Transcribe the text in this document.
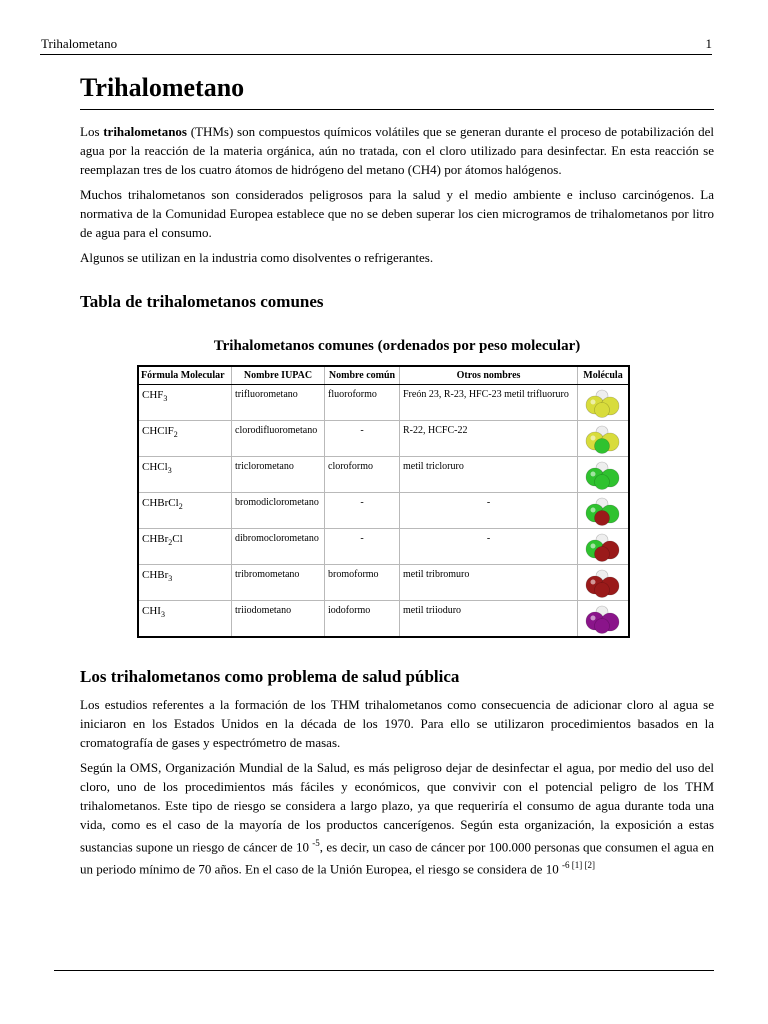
Trihalometano	1
Trihalometano

Los trihalometanos (THMs) son compuestos químicos volátiles que se generan durante el proceso de potabilización del agua por la reacción de la materia orgánica, aún no tratada, con el cloro utilizado para desinfectar. En esta reacción se reemplazan tres de los cuatro átomos de hidrógeno del metano (CH4) por átomos halógenos.

Muchos trihalometanos son considerados peligrosos para la salud y el medio ambiente e incluso carcinógenos. La normativa de la Comunidad Europea establece que no se deben superar los cien microgramos de trihalometanos por litro de agua para el consumo.

Algunos se utilizan en la industria como disolventes o refrigerantes.

Tabla de trihalometanos comunes
Trihalometanos comunes (ordenados por peso molecular)
Fórmula Molecular	Nombre IUPAC	Nombre común	Otros nombres	Molécula
$CHF_3$	trifluorometano	fluoroformo	Freón 23, R-23, HFC-23 metil trifluoruro	
CHClF$_2$	clorodifluorometano	-	R-22, HCFC-22	
CHCl$_3$	triclorometano	cloroformo	metil tricloruro	
CHBrCl$_2$	bromodiclorometano	-	-	
CHBr$_2$Cl	dibromoclorometano	-	-	
CHBr$_3$	tribromometano	bromoformo	metil tribromuro	
$CHI_3$	triiodometano	iodoformo	metil triioduro	
Los trihalometanos como problema de salud pública

Los estudios referentes a la formación de los THM trihalometanos como consecuencia de adicionar cloro al agua se iniciaron en los Estados Unidos en la década de los 1970. Para ello se utilizaron procedimientos basados en la cromatografía de gases y espectrómetro de masas.

Según la OMS, Organización Mundial de la Salud, es más peligroso dejar de desinfectar el agua, por medio del uso del cloro, uno de los procedimientos más fáciles y económicos, que convivir con el potencial peligro de los THM trihalometanos. Este tipo de riesgo se considera a largo plazo, ya que requeriría el consumo de agua durante toda una vida, como es el caso de la mayoría de los productos cancerígenos. Según esta organización, la exposición a estas sustancias supone un riesgo de cáncer de 10 $^{-5}$, es decir, un caso de cáncer por 100.000 personas que consumen el agua en un periodo mínimo de 70 años. En el caso de la Unión Europea, el riesgo se considera de 10 $^{-6 [1] [2]}$
